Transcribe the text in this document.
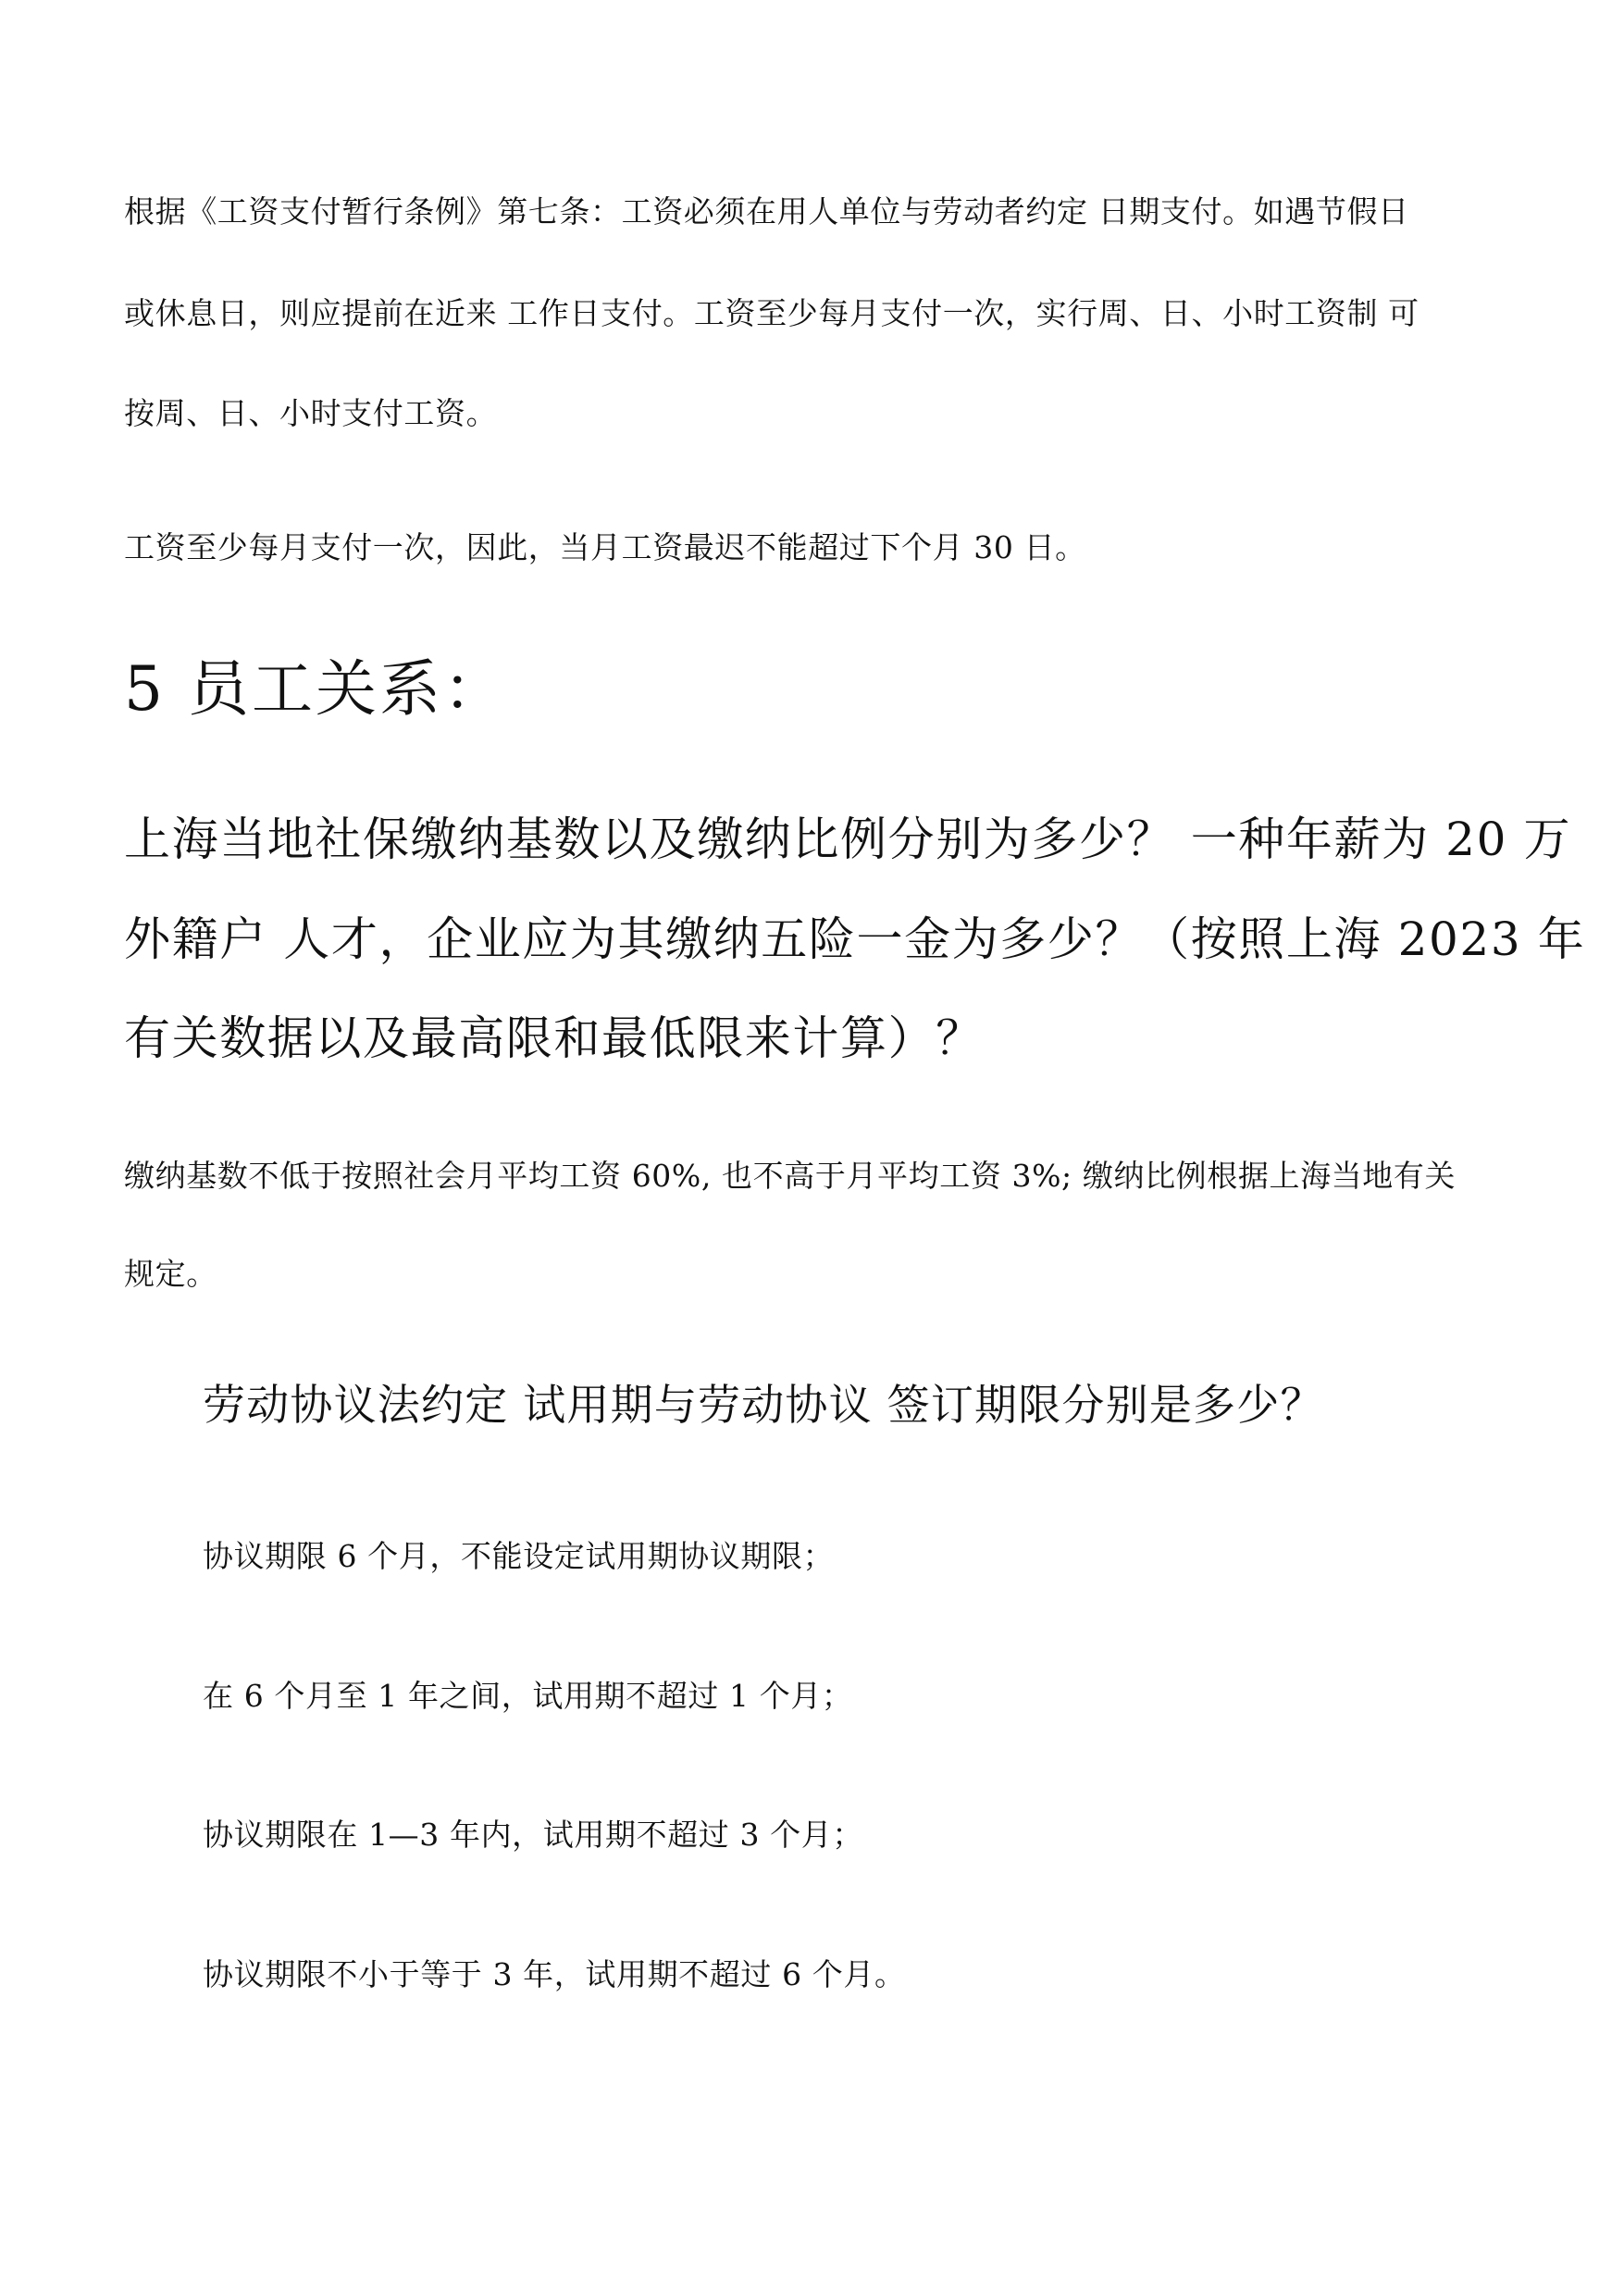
根据《工资支付暂行条例》第七条：工资必须在用人单位与劳动者约定 日期支付。如遇节假日
或休息日，则应提前在近来 工作日支付。工资至少每月支付一次，实行周、日、小时工资制 可
按周、日、小时支付工资。
工资至少每月支付一次，因此，当月工资最迟不能超过下个月 30 日。
5 员工关系：
上海当地社保缴纳基数以及缴纳比例分别为多少？ 一种年薪为 20 万
外籍户 人才，企业应为其缴纳五险一金为多少？（按照上海 2023 年
有关数据以及最高限和最低限来计算）？
缴纳基数不低于按照社会月平均工资 60%, 也不高于月平均工资 3%; 缴纳比例根据上海当地有关
规定。
劳动协议法约定 试用期与劳动协议 签订期限分别是多少？
协议期限 6 个月，不能设定试用期协议期限；
在 6 个月至 1 年之间，试用期不超过 1 个月；
协议期限在 1—3 年内，试用期不超过 3 个月；
协议期限不小于等于 3 年，试用期不超过 6 个月。
